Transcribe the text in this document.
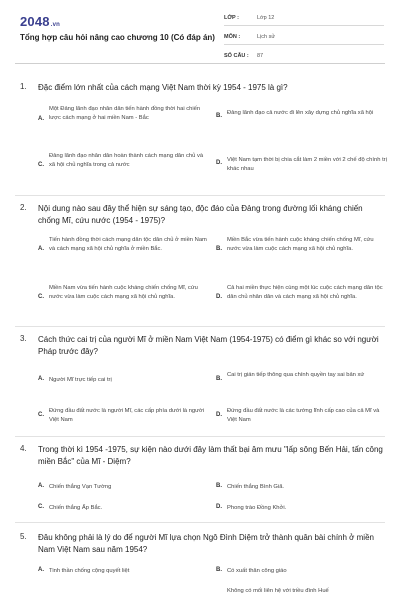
2048.vn
Tổng hợp câu hỏi nâng cao chương 10 (Có đáp án)
LỚP :	Lớp 12
MÔN :	Lịch sử
SỐ CÂU :	87
1. Đặc điểm lớn nhất của cách mạng Việt Nam thời kỳ 1954 - 1975 là gì?
A.
Một Đảng lãnh đạo nhân dân tiến hành đồng thời hai chiến lược cách mạng ở hai miền Nam - Bắc	B. Đảng lãnh đạo cả nước đi lên xây dựng chủ nghĩa xã hội
C.
Đảng lãnh đạo nhân dân hoàn thành cách mạng dân chủ và xã hội chủ nghĩa trong cả nước	D. Việt Nam tạm thời bị chia cắt làm 2 miền với 2 chế độ chính trị khác nhau
2. Nội dung nào sau đây thể hiện sự sáng tạo, độc đáo của Đảng trong đường lối kháng chiến chống Mĩ, cứu nước (1954 - 1975)?
A.
Tiến hành đồng thời cách mạng dân tộc dân chủ ở miền Nam và cách mạng xã hội chủ nghĩa ở miền Bắc.	B.
Miền Bắc vừa tiến hành cuộc kháng chiến chống Mĩ, cứu nước vừa làm cuộc cách mạng xã hội chủ nghĩa.
C.
Miền Nam vừa tiến hành cuộc kháng chiến chống Mĩ, cứu nước vừa làm cuộc cách mạng xã hội chủ nghĩa.	D.
Cả hai miền thực hiện cùng một lúc cuộc cách mạng dân tộc dân chủ nhân dân và cách mạng xã hội chủ nghĩa.
3. Cách thức cai trị của người Mĩ ở miền Nam Việt Nam (1954-1975) có điểm gì khác so với người Pháp trước đây?
A. Người Mĩ trực tiếp cai trị	B.
Cai trị gián tiếp thông qua chính quyền tay sai bản xứ
C.
Đứng đầu đất nước là người Mĩ, các cấp phía dưới là người Việt Nam
D.
Đứng đầu đất nước là các tướng lĩnh cấp cao của cả Mĩ và Việt Nam
4. Trong thời kì 1954 -1975, sự kiện nào dưới đây làm thất bại âm mưu "lấp sông Bến Hải, tấn công miền Bắc" của Mĩ - Diệm?
A. Chiến thắng Vạn Tường	B. Chiến thắng Bình Giã.
C. Chiến thắng Ấp Bắc.	D. Phong trào Đồng Khởi.
5. Đâu không phải là lý do để người Mĩ lựa chọn Ngô Đình Diệm trở thành quân bài chính ở miền Nam Việt Nam sau năm 1954?
A. Tinh thần chống cộng quyết liệt	B. Có xuất thân công giáo
Không có mối liên hệ với triều đình Huế
